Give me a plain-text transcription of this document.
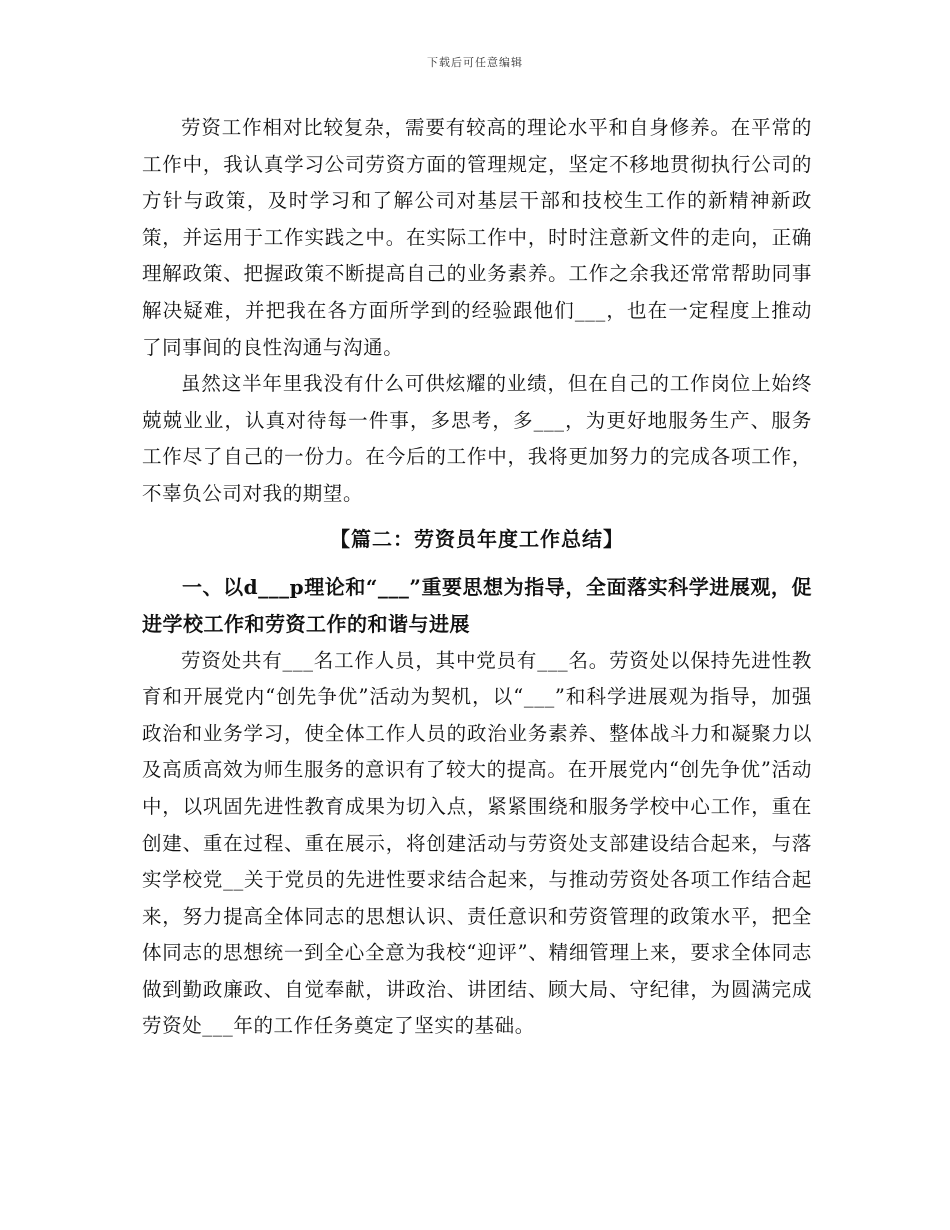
下载后可任意编辑

劳资工作相对比较复杂，需要有较高的理论水平和自身修养。在平常的工作中，我认真学习公司劳资方面的管理规定，坚定不移地贯彻执行公司的方针与政策，及时学习和了解公司对基层干部和技校生工作的新精神新政策，并运用于工作实践之中。在实际工作中，时时注意新文件的走向，正确理解政策、把握政策不断提高自己的业务素养。工作之余我还常常帮助同事解决疑难，并把我在各方面所学到的经验跟他们___，也在一定程度上推动了同事间的良性沟通与沟通。

虽然这半年里我没有什么可供炫耀的业绩，但在自己的工作岗位上始终兢兢业业，认真对待每一件事，多思考，多___，为更好地服务生产、服务工作尽了自己的一份力。在今后的工作中，我将更加努力的完成各项工作，不辜负公司对我的期望。

【篇二：劳资员年度工作总结】

一、以d___p理论和“___”重要思想为指导，全面落实科学进展观，促进学校工作和劳资工作的和谐与进展

劳资处共有___名工作人员，其中党员有___名。劳资处以保持先进性教育和开展党内“创先争优”活动为契机，以“___”和科学进展观为指导，加强政治和业务学习，使全体工作人员的政治业务素养、整体战斗力和凝聚力以及高质高效为师生服务的意识有了较大的提高。在开展党内“创先争优”活动中，以巩固先进性教育成果为切入点，紧紧围绕和服务学校中心工作，重在创建、重在过程、重在展示，将创建活动与劳资处支部建设结合起来，与落实学校党__关于党员的先进性要求结合起来，与推动劳资处各项工作结合起来，努力提高全体同志的思想认识、责任意识和劳资管理的政策水平，把全体同志的思想统一到全心全意为我校“迎评”、精细管理上来，要求全体同志做到勤政廉政、自觉奉献，讲政治、讲团结、顾大局、守纪律，为圆满完成劳资处___年的工作任务奠定了坚实的基础。
